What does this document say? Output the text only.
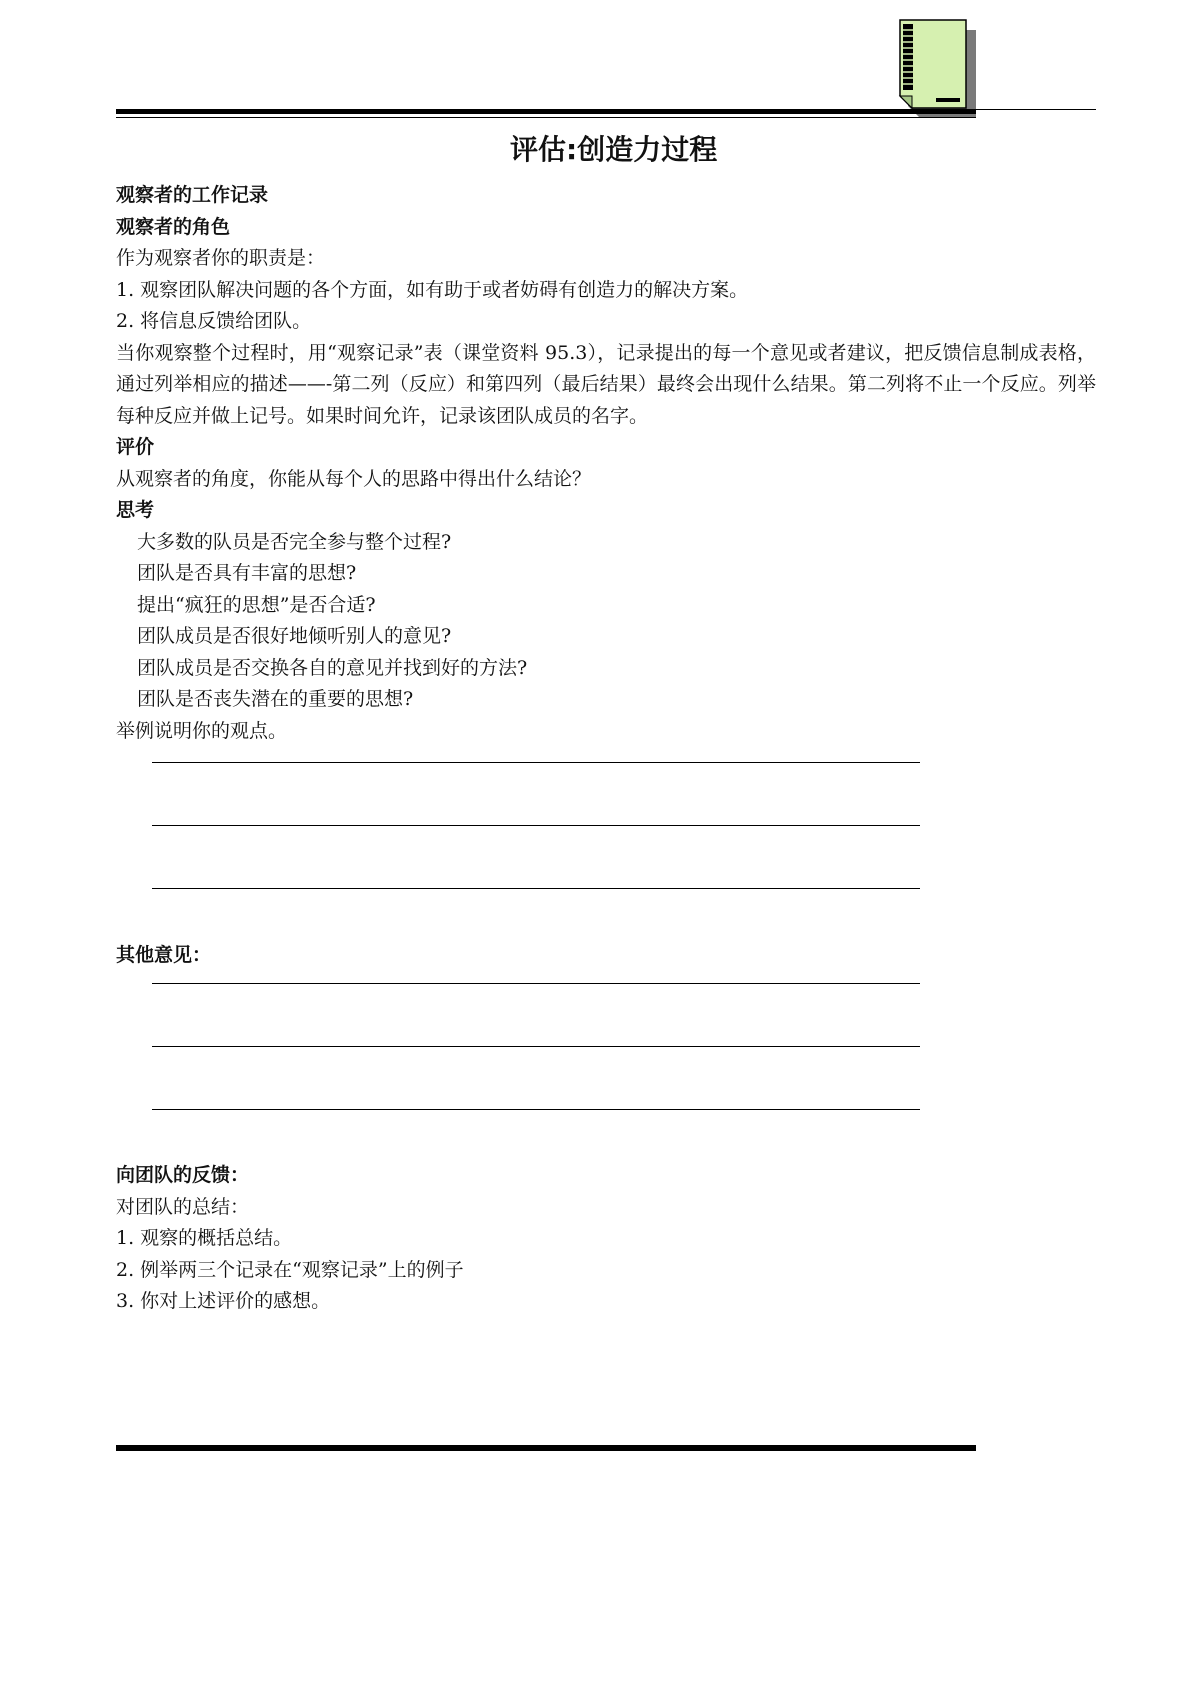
评估:创造力过程
观察者的工作记录
观察者的角色
作为观察者你的职责是：
1. 观察团队解决问题的各个方面，如有助于或者妨碍有创造力的解决方案。
2. 将信息反馈给团队。
当你观察整个过程时，用“观察记录”表（课堂资料 95.3），记录提出的每一个意见或者建议，把反馈信息制成表格，通过列举相应的描述——-第二列（反应）和第四列（最后结果）最终会出现什么结果。第二列将不止一个反应。列举每种反应并做上记号。如果时间允许，记录该团队成员的名字。
评价
从观察者的角度，你能从每个人的思路中得出什么结论？
思考
大多数的队员是否完全参与整个过程?
团队是否具有丰富的思想?
提出“疯狂的思想”是否合适?
团队成员是否很好地倾听别人的意见?
团队成员是否交换各自的意见并找到好的方法?
团队是否丧失潜在的重要的思想?
举例说明你的观点。
其他意见：
向团队的反馈：
对团队的总结：
1. 观察的概括总结。
2. 例举两三个记录在“观察记录”上的例子
3. 你对上述评价的感想。
